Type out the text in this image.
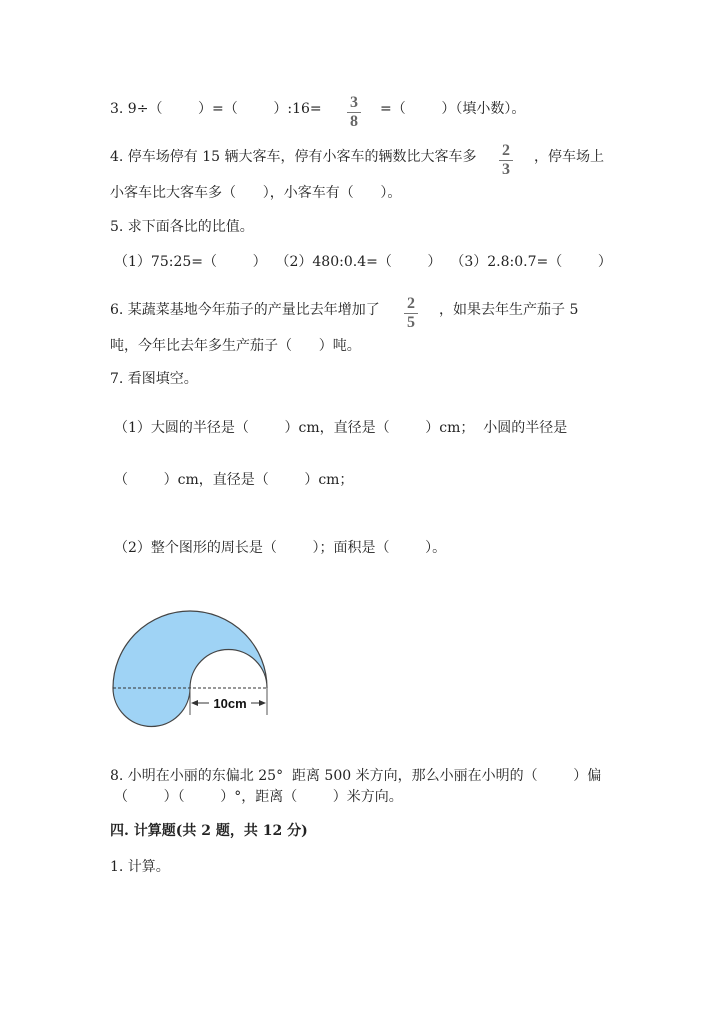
3. 9÷（        ）=（        ）:16= 3
8
=（        ）（填小数）。
4. 停车场停有 15 辆大客车，停有小客车的辆数比大客车多 2
3
，停车场上
小客车比大客车多（      ），小客车有（      ）。
5. 求下面各比的比值。
（1）75:25=（        ）  （2）480:0.4=（        ）  （3）2.8:0.7=（        ）
6. 某蔬菜基地今年茄子的产量比去年增加了 2
5
，如果去年生产茄子 5
吨，今年比去年多生产茄子（      ）吨。
7. 看图填空。
（1）大圆的半径是（        ）cm，直径是（        ）cm；  小圆的半径是
（        ）cm，直径是（        ）cm；
（2）整个图形的周长是（        ）；面积是（        ）。
10cm
8. 小明在小丽的东偏北 25°  距离 500 米方向，那么小丽在小明的（        ）偏
（        ）（        ）°，距离（        ）米方向。
四. 计算题(共 2 题，共 12 分)
1. 计算。
